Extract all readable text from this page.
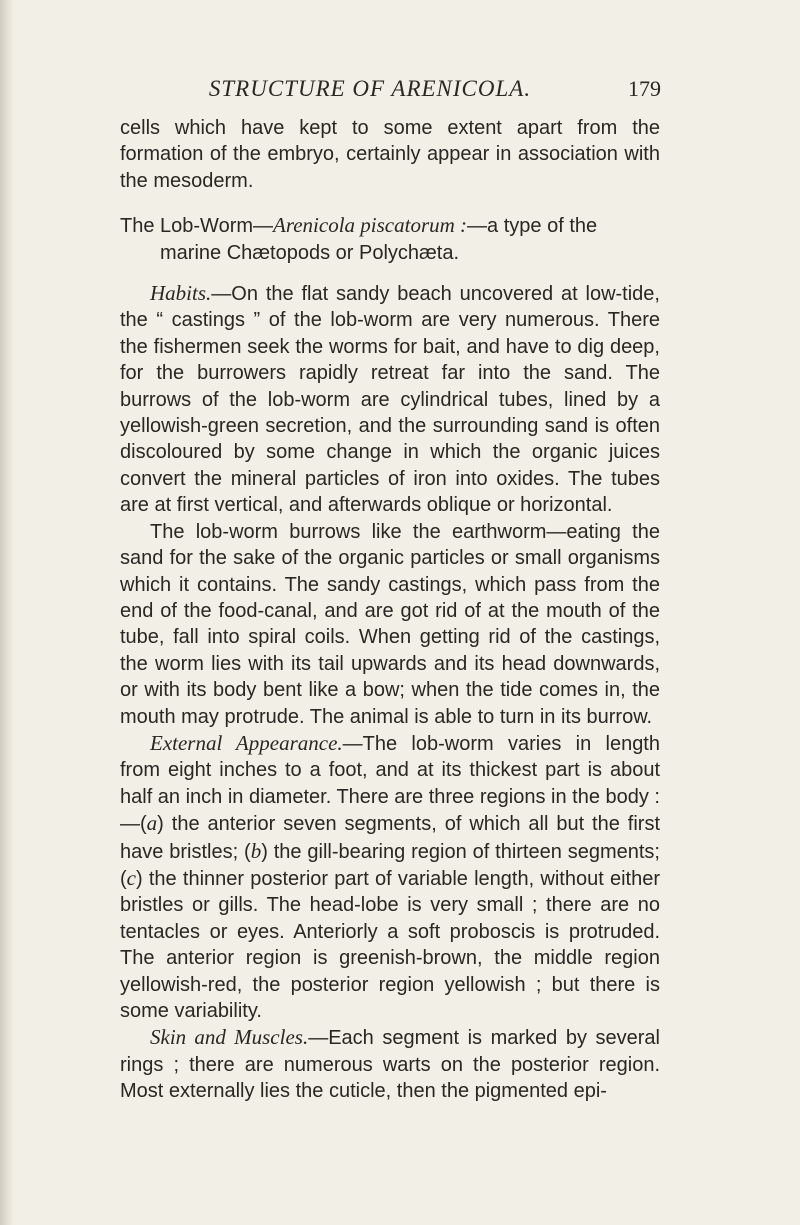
STRUCTURE OF ARENICOLA.	179

cells which have kept to some extent apart from the formation of the embryo, certainly appear in association with the mesoderm.

The Lob-Worm—Arenicola piscatorum :—a type of the
marine Chætopods or Polychæta.

Habits.—On the flat sandy beach uncovered at low-tide, the “ castings ” of the lob-worm are very numerous. There the fishermen seek the worms for bait, and have to dig deep, for the burrowers rapidly retreat far into the sand. The burrows of the lob-worm are cylindrical tubes, lined by a yellowish-green secretion, and the surrounding sand is often discoloured by some change in which the organic juices convert the mineral particles of iron into oxides. The tubes are at first vertical, and afterwards oblique or horizontal.

The lob-worm burrows like the earthworm—eating the sand for the sake of the organic particles or small organisms which it contains. The sandy castings, which pass from the end of the food-canal, and are got rid of at the mouth of the tube, fall into spiral coils. When getting rid of the castings, the worm lies with its tail upwards and its head downwards, or with its body bent like a bow; when the tide comes in, the mouth may protrude. The animal is able to turn in its burrow.

External Appearance.—The lob-worm varies in length from eight inches to a foot, and at its thickest part is about half an inch in diameter. There are three regions in the body :—(a) the anterior seven segments, of which all but the first have bristles; (b) the gill-bearing region of thirteen segments; (c) the thinner posterior part of variable length, without either bristles or gills. The head-lobe is very small ; there are no tentacles or eyes. Anteriorly a soft proboscis is protruded. The anterior region is greenish-brown, the middle region yellowish-red, the posterior region yellowish ; but there is some variability.

Skin and Muscles.—Each segment is marked by several rings ; there are numerous warts on the posterior region. Most externally lies the cuticle, then the pigmented epi-
